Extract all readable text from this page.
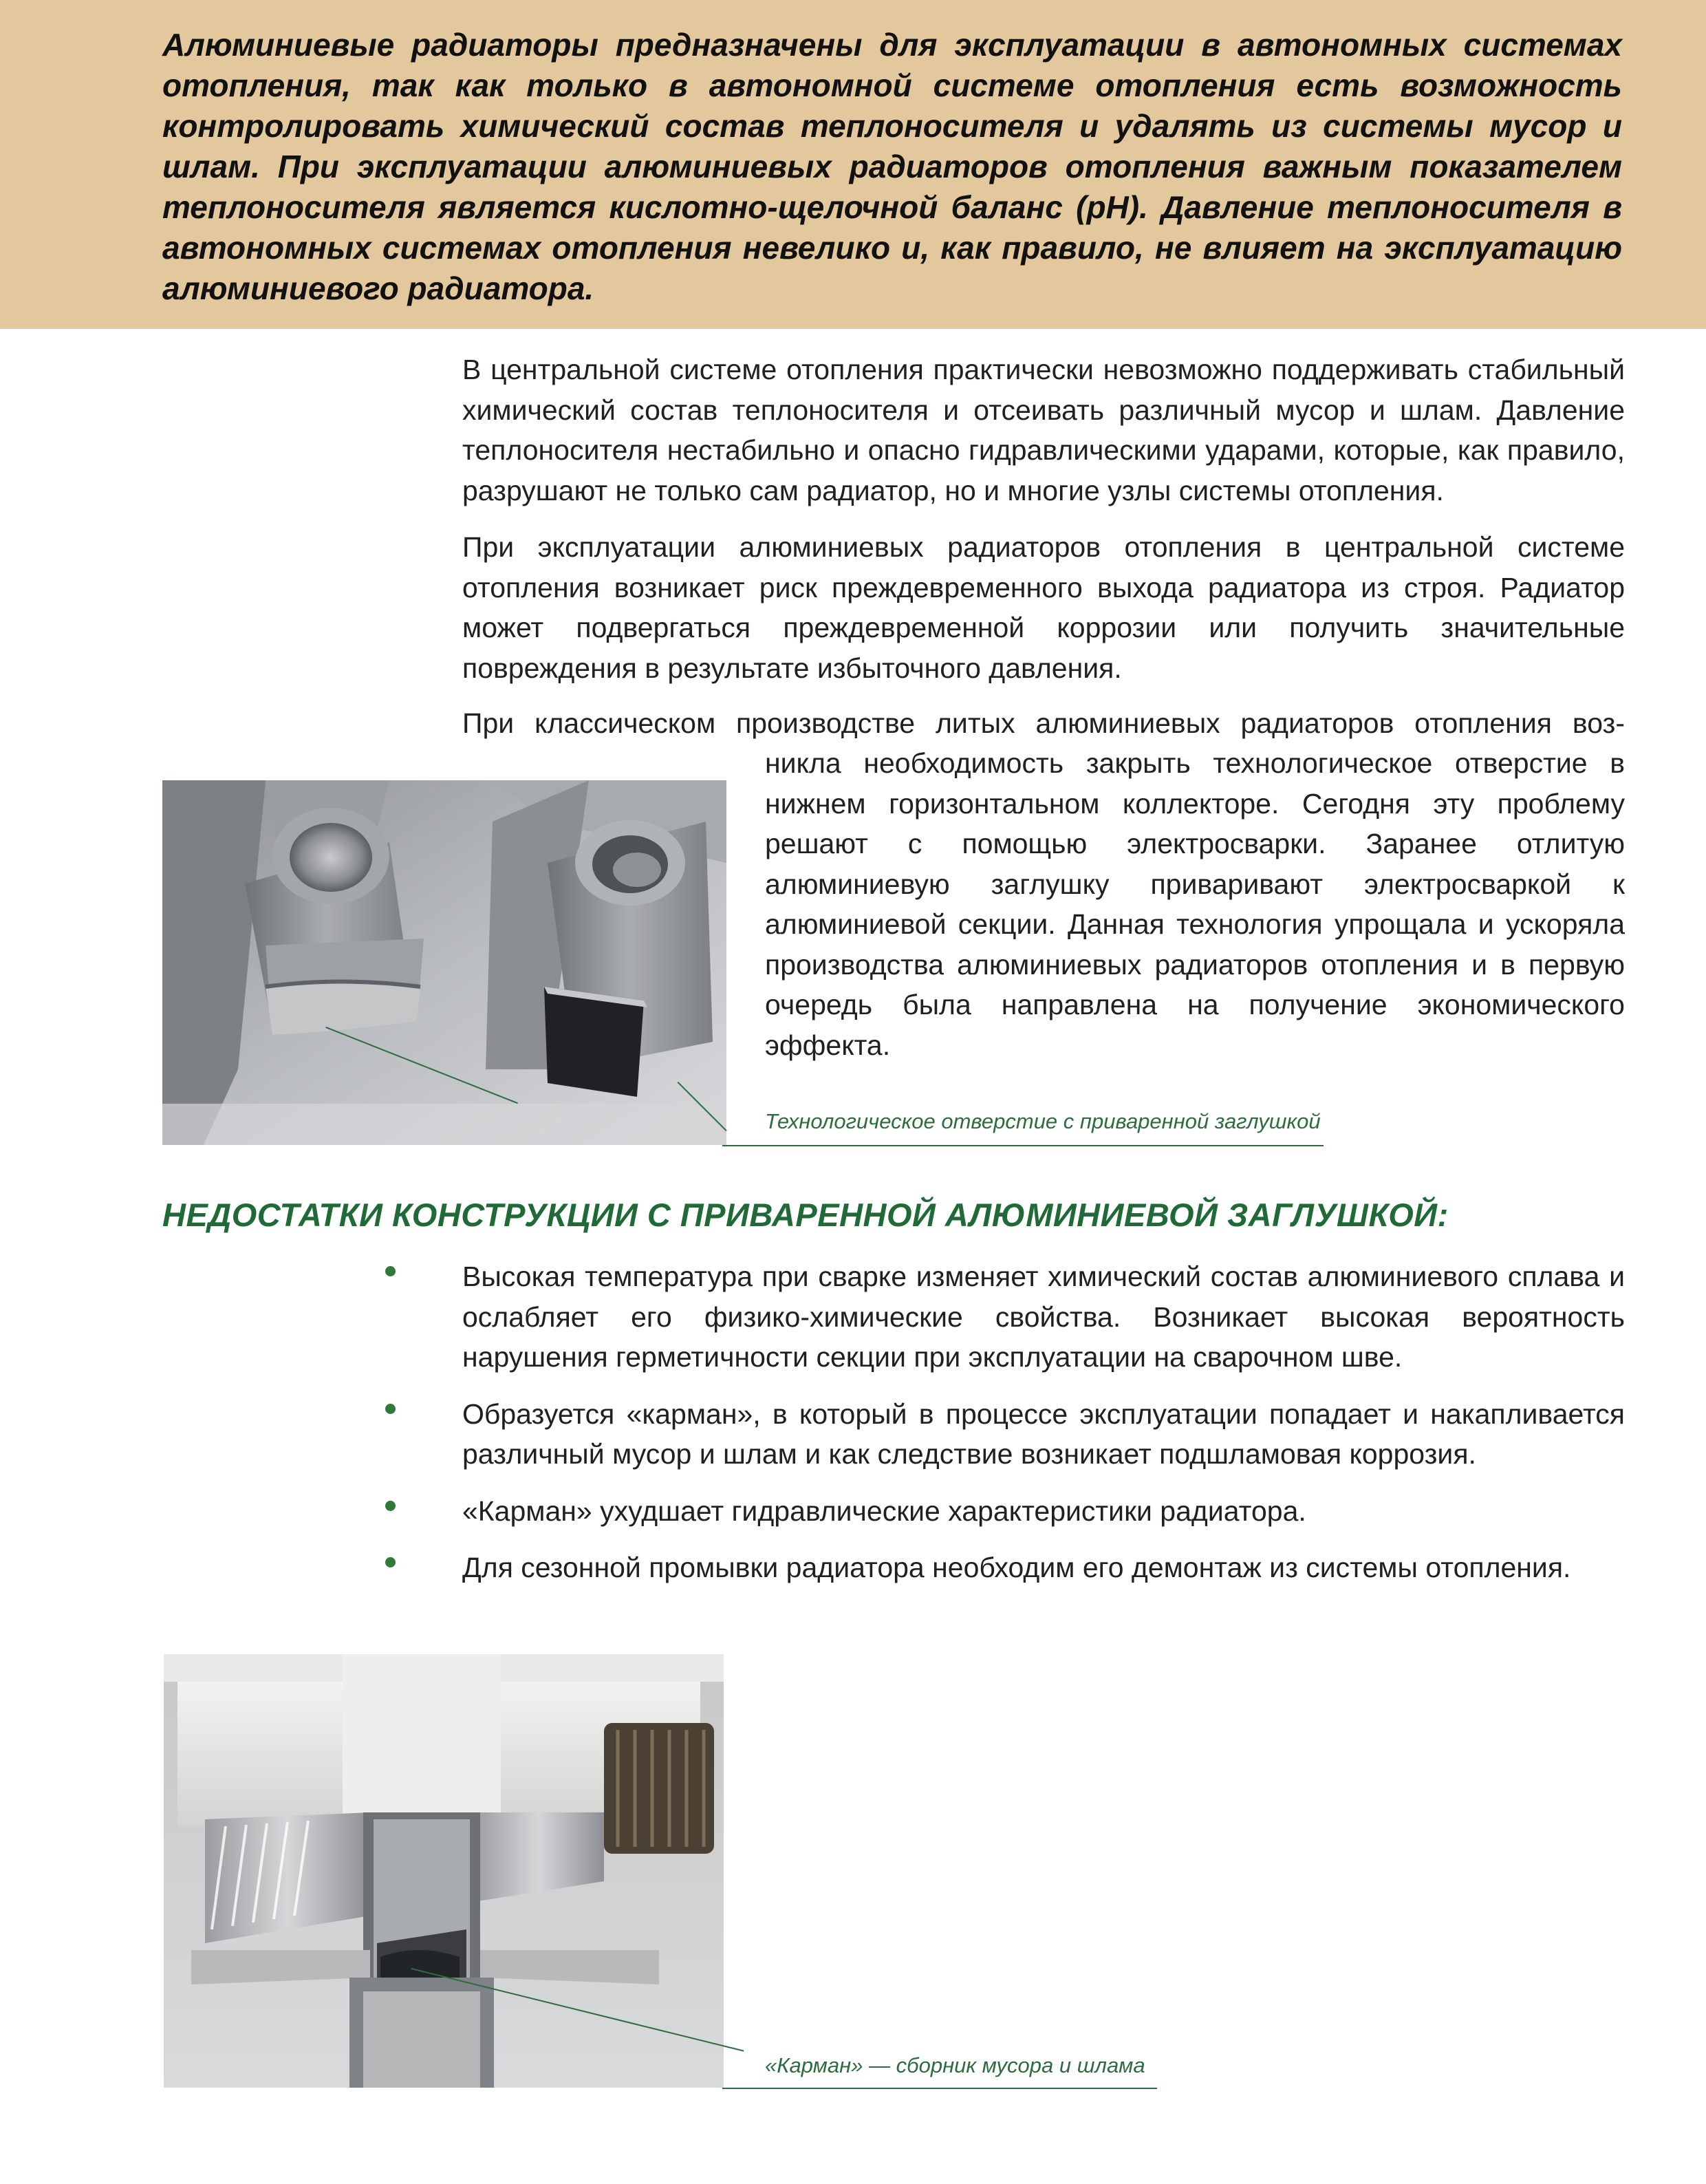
Алюминиевые радиаторы предназначены для эксплуатации в автономных системах отопления, так как только в автономной системе отопления есть возможность контролировать химический состав теплоносителя и удалять из системы мусор и шлам. При эксплуатации алюминиевых радиаторов отопления важным показателем теплоносителя является кислотно-щелочной баланс (pH). Давление теплоносителя в автономных системах отопления невелико и, как правило, не влияет на эксплуатацию алюминиевого радиатора.
В центральной системе отопления практически невозможно поддерживать стабильный химический состав теплоносителя и отсеивать различный мусор и шлам. Давление теплоносителя нестабильно и опасно гидравлическими ударами, которые, как правило, разрушают не только сам радиатор, но и многие узлы системы отопления.
При эксплуатации алюминиевых радиаторов отопления в центральной системе отопления возникает риск преждевременного выхода радиатора из строя. Радиатор может подвергаться преждевременной коррозии или получить значительные повреждения в результате избыточного давления.
При классическом производстве литых алюминиевых радиаторов отопления воз-
никла необходимость закрыть технологическое отверстие в нижнем горизонтальном коллекторе. Сегодня эту проблему решают с помощью электросварки. Заранее отлитую алюминиевую заглушку приваривают электросваркой к алюминиевой секции. Данная технология упрощала и ускоряла производства алюминиевых радиаторов отопления и в первую очередь была направлена на получение экономического эффекта.
Технологическое отверстие с приваренной заглушкой
НЕДОСТАТКИ КОНСТРУКЦИИ С ПРИВАРЕННОЙ АЛЮМИНИЕВОЙ ЗАГЛУШКОЙ:
Высокая температура при сварке изменяет химический состав алюминиевого сплава и ослабляет его физико-химические свойства. Возникает высокая вероятность нарушения герметичности секции при эксплуатации на сварочном шве.
Образуется «карман», в который в процессе эксплуатации попадает и накапливается различный мусор и шлам и как следствие возникает подшламовая коррозия.
«Карман» ухудшает гидравлические характеристики радиатора.
Для сезонной промывки радиатора необходим его демонтаж из системы отопления.
«Карман» — сборник мусора и шлама
